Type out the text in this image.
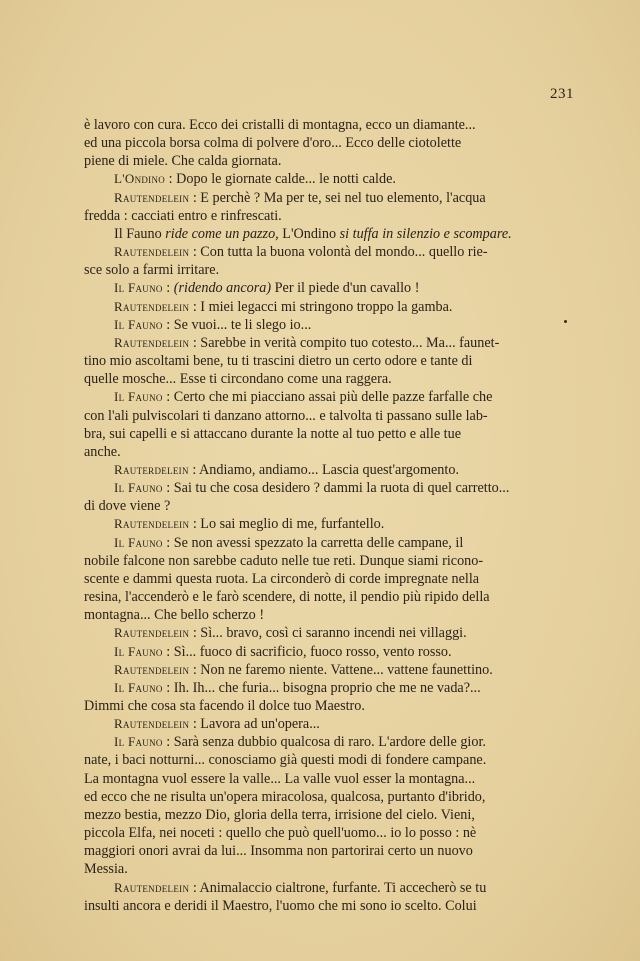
231
è lavoro con cura. Ecco dei cristalli di montagna, ecco un diamante...
ed una piccola borsa colma di polvere d'oro... Ecco delle ciotolette
piene di miele. Che calda giornata.
L'Ondino : Dopo le giornate calde... le notti calde.
Rautendelein : E perchè ? Ma per te, sei nel tuo elemento, l'acqua
fredda : cacciati entro e rinfrescati.
Il Fauno ride come un pazzo, L'Ondino si tuffa in silenzio e scompare.
Rautendelein : Con tutta la buona volontà del mondo... quello rie-
sce solo a farmi irritare.
Il Fauno : (ridendo ancora) Per il piede d'un cavallo !
Rautendelein : I miei legacci mi stringono troppo la gamba.
Il Fauno : Se vuoi... te li slego io...
Rautendelein : Sarebbe in verità compito tuo cotesto... Ma... faunet-
tino mio ascoltami bene, tu ti trascini dietro un certo odore e tante di
quelle mosche... Esse ti circondano come una raggera.
Il Fauno : Certo che mi piacciano assai più delle pazze farfalle che
con l'ali pulviscolari ti danzano attorno... e talvolta ti passano sulle lab-
bra, sui capelli e si attaccano durante la notte al tuo petto e alle tue
anche.
Rauterdelein : Andiamo, andiamo... Lascia quest'argomento.
Il Fauno : Sai tu che cosa desidero ? dammi la ruota di quel carretto...
di dove viene ?
Rautendelein : Lo sai meglio di me, furfantello.
Il Fauno : Se non avessi spezzato la carretta delle campane, il
nobile falcone non sarebbe caduto nelle tue reti. Dunque siami ricono-
scente e dammi questa ruota. La circonderò di corde impregnate nella
resina, l'accenderò e le farò scendere, di notte, il pendio più ripido della
montagna... Che bello scherzo !
Rautendelein : Sì... bravo, così ci saranno incendi nei villaggi.
Il Fauno : Sì... fuoco di sacrificio, fuoco rosso, vento rosso.
Rautendelein : Non ne faremo niente. Vattene... vattene faunettino.
Il Fauno : Ih. Ih... che furia... bisogna proprio che me ne vada?...
Dimmi che cosa sta facendo il dolce tuo Maestro.
Rautendelein : Lavora ad un'opera...
Il Fauno : Sarà senza dubbio qualcosa di raro. L'ardore delle gior.
nate, i baci notturni... conosciamo già questi modi di fondere campane.
La montagna vuol essere la valle... La valle vuol esser la montagna...
ed ecco che ne risulta un'opera miracolosa, qualcosa, purtanto d'ibrido,
mezzo bestia, mezzo Dio, gloria della terra, irrisione del cielo. Vieni,
piccola Elfa, nei noceti : quello che può quell'uomo... io lo posso : nè
maggiori onori avrai da lui... Insomma non partorirai certo un nuovo
Messia.
Rautendelein : Animalaccio cialtrone, furfante. Ti accecherò se tu
insulti ancora e deridi il Maestro, l'uomo che mi sono io scelto. Colui
